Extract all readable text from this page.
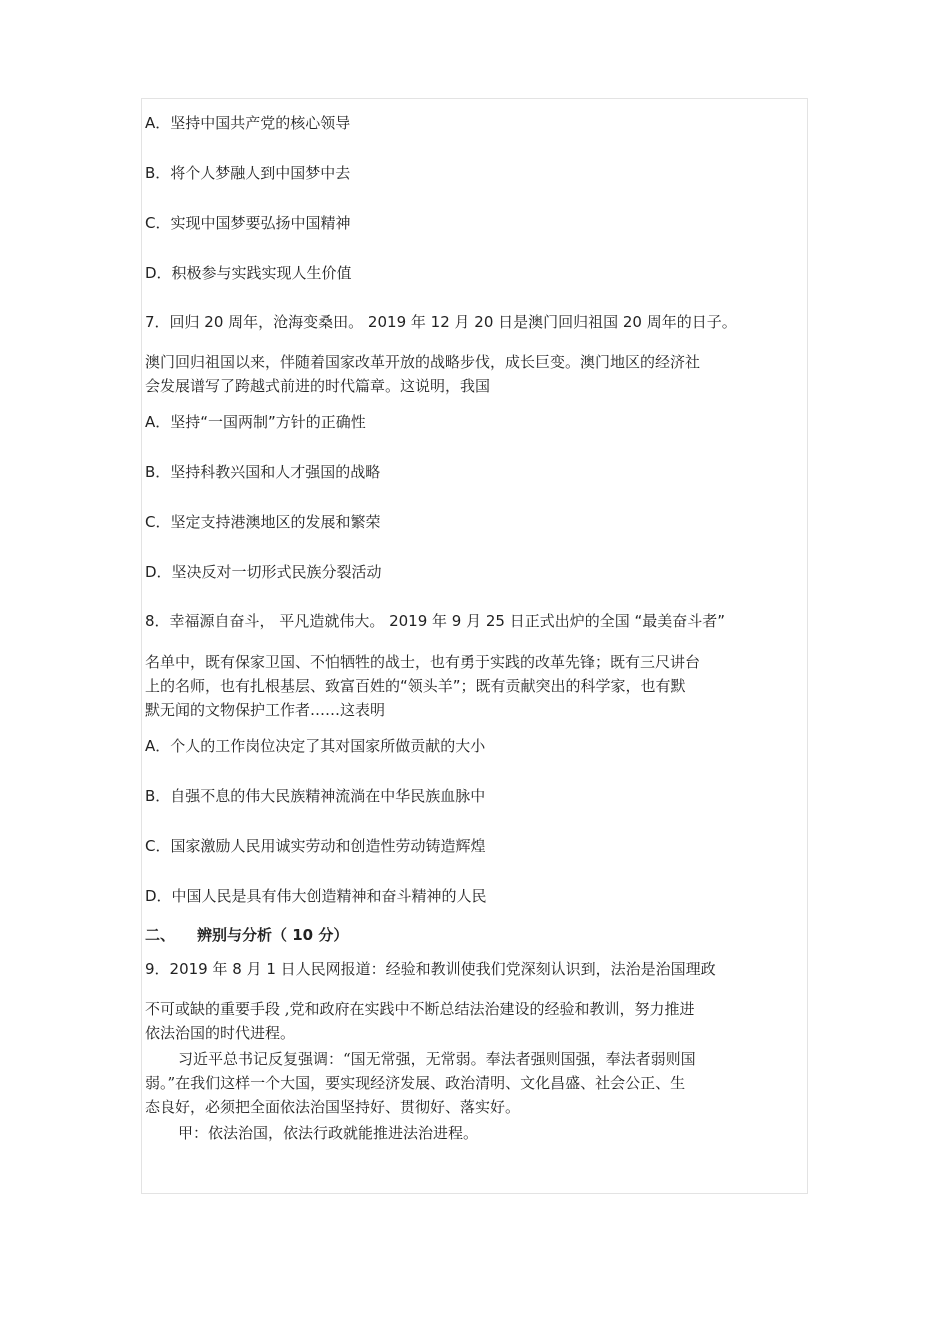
A．坚持中国共产党的核心领导
B．将个人梦融人到中国梦中去
C．实现中国梦要弘扬中国精神
D．积极参与实践实现人生价值
7．回归 20 周年，沧海变桑田。 2019 年 12 月 20 日是澳门回归祖国 20 周年的日子。
澳门回归祖国以来，伴随着国家改革开放的战略步伐，成长巨变。澳门地区的经济社
会发展谱写了跨越式前进的时代篇章。这说明，我国
A．坚持“一国两制”方针的正确性
B．坚持科教兴国和人才强国的战略
C．坚定支持港澳地区的发展和繁荣
D．坚决反对一切形式民族分裂活动
8．幸福源自奋斗， 平凡造就伟大。 2019 年 9 月 25 日正式出炉的全国 “最美奋斗者”
名单中，既有保家卫国、不怕牺牲的战士，也有勇于实践的改革先锋；既有三尺讲台
上的名师，也有扎根基层、致富百姓的“领头羊”；既有贡献突出的科学家，也有默
默无闻的文物保护工作者……这表明
A．个人的工作岗位决定了其对国家所做贡献的大小
B．自强不息的伟大民族精神流淌在中华民族血脉中
C．国家激励人民用诚实劳动和创造性劳动铸造辉煌
D．中国人民是具有伟大创造精神和奋斗精神的人民
二、 辨别与分析（ 10 分）
9．2019 年 8 月 1 日人民网报道：经验和教训使我们党深刻认识到，法治是治国理政
不可或缺的重要手段 ,党和政府在实践中不断总结法治建设的经验和教训，努力推进
依法治国的时代进程。
习近平总书记反复强调：“国无常强，无常弱。奉法者强则国强，奉法者弱则国
弱。”在我们这样一个大国，要实现经济发展、政治清明、文化昌盛、社会公正、生
态良好，必须把全面依法治国坚持好、贯彻好、落实好。
甲：依法治国，依法行政就能推进法治进程。
